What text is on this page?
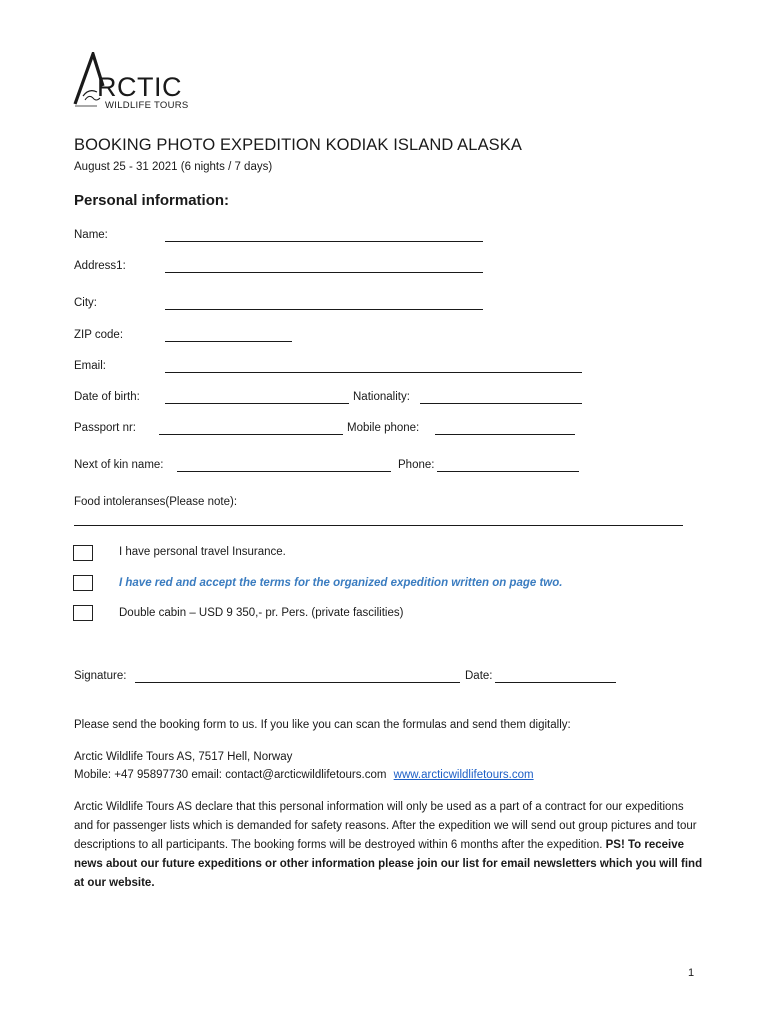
RCTIC
WILDLIFE TOURS
BOOKING PHOTO EXPEDITION KODIAK ISLAND ALASKA
August 25 - 31 2021 (6 nights / 7 days)
Personal information:
Name:
Address1:
City:
ZIP code:
Email:
Date of birth:	Nationality:
Passport nr:	Mobile phone:
Next of kin name:	Phone:
Food intoleranses(Please note):
I have personal travel Insurance.
I have red and accept the terms for the organized expedition written on page two.
Double cabin – USD 9 350,- pr. Pers. (private fascilities)
Signature:	Date:
Please send the booking form to us. If you like you can scan the formulas and send them digitally:
Arctic Wildlife Tours AS, 7517 Hell, Norway
Mobile: +47 95897730 email: contact@arcticwildlifetours.com www.arcticwildlifetours.com
Arctic Wildlife Tours AS declare that this personal information will only be used as a part of a contract for our expeditions and for passenger lists which is demanded for safety reasons. After the expedition we will send out group pictures and tour descriptions to all participants. The booking forms will be destroyed within 6 months after the expedition. PS! To receive news about our future expeditions or other information please join our list for email newsletters which you will find at our website.
1
